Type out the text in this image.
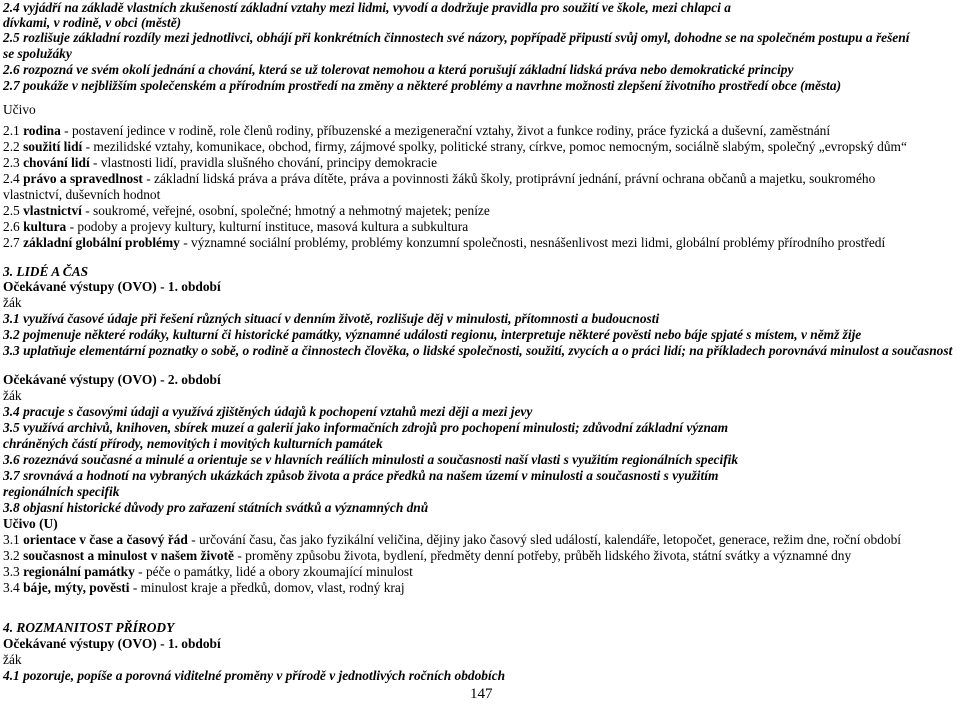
2.4 vyjádří na základě vlastních zkušeností základní vztahy mezi lidmi, vyvodí a dodržuje pravidla pro soužití ve škole, mezi chlapci a
dívkami, v rodině, v obci (městě)
2.5 rozlišuje základní rozdíly mezi jednotlivci, obhájí při konkrétních činnostech své názory, popřípadě připustí svůj omyl, dohodne se na společném postupu a řešení
se spolužáky
2.6 rozpozná ve svém okolí jednání a chování, která se už tolerovat nemohou a která porušují základní lidská práva nebo demokratické principy
2.7 poukáže v nejbližším společenském a přírodním prostředí na změny a některé problémy a navrhne možnosti zlepšení životního prostředí obce (města)
Učivo
2.1 rodina - postavení jedince v rodině, role členů rodiny, příbuzenské a mezigenerační vztahy, život a funkce rodiny, práce fyzická a duševní, zaměstnání
2.2 soužití lidí - mezilidské vztahy, komunikace, obchod, firmy, zájmové spolky, politické strany, církve, pomoc nemocným, sociálně slabým, společný „evropský dům“
2.3 chování lidí - vlastnosti lidí, pravidla slušného chování, principy demokracie
2.4 právo a spravedlnost - základní lidská práva a práva dítěte, práva a povinnosti žáků školy, protiprávní jednání, právní ochrana občanů a majetku, soukromého
vlastnictví, duševních hodnot
2.5 vlastnictví - soukromé, veřejné, osobní, společné; hmotný a nehmotný majetek; peníze
2.6 kultura - podoby a projevy kultury, kulturní instituce, masová kultura a subkultura
2.7 základní globální problémy - významné sociální problémy, problémy konzumní společnosti, nesnášenlivost mezi lidmi, globální problémy přírodního prostředí
3. LIDÉ A ČAS
Očekávané výstupy (OVO) - 1. období
žák
3.1 využívá časové údaje při řešení různých situací v denním životě, rozlišuje děj v minulosti, přítomnosti a budoucnosti
3.2 pojmenuje některé rodáky, kulturní či historické památky, významné události regionu, interpretuje některé pověsti nebo báje spjaté s místem, v němž žije
3.3 uplatňuje elementární poznatky o sobě, o rodině a činnostech člověka, o lidské společnosti, soužití, zvycích a o práci lidí; na příkladech porovnává minulost a současnost
Očekávané výstupy (OVO) - 2. období
žák
3.4 pracuje s časovými údaji a využívá zjištěných údajů k pochopení vztahů mezi ději a mezi jevy
3.5 využívá archivů, knihoven, sbírek muzeí a galerií jako informačních zdrojů pro pochopení minulosti; zdůvodní základní význam
chráněných částí přírody, nemovitých i movitých kulturních památek
3.6 rozeznává současné a minulé a orientuje se v hlavních reáliích minulosti a současnosti naší vlasti s využitím regionálních specifik
3.7 srovnává a hodnotí na vybraných ukázkách způsob života a práce předků na našem území v minulosti a současnosti s využitím
regionálních specifik
3.8 objasní historické důvody pro zařazení státních svátků a významných dnů
Učivo (U)
3.1 orientace v čase a časový řád - určování času, čas jako fyzikální veličina, dějiny jako časový sled událostí, kalendáře, letopočet, generace, režim dne, roční období
3.2 současnost a minulost v našem životě - proměny způsobu života, bydlení, předměty denní potřeby, průběh lidského života, státní svátky a významné dny
3.3 regionální památky - péče o památky, lidé a obory zkoumající minulost
3.4 báje, mýty, pověsti - minulost kraje a předků, domov, vlast, rodný kraj
4. ROZMANITOST PŘÍRODY
Očekávané výstupy (OVO) - 1. období
žák
4.1 pozoruje, popíše a porovná viditelné proměny v přírodě v jednotlivých ročních obdobích
147
